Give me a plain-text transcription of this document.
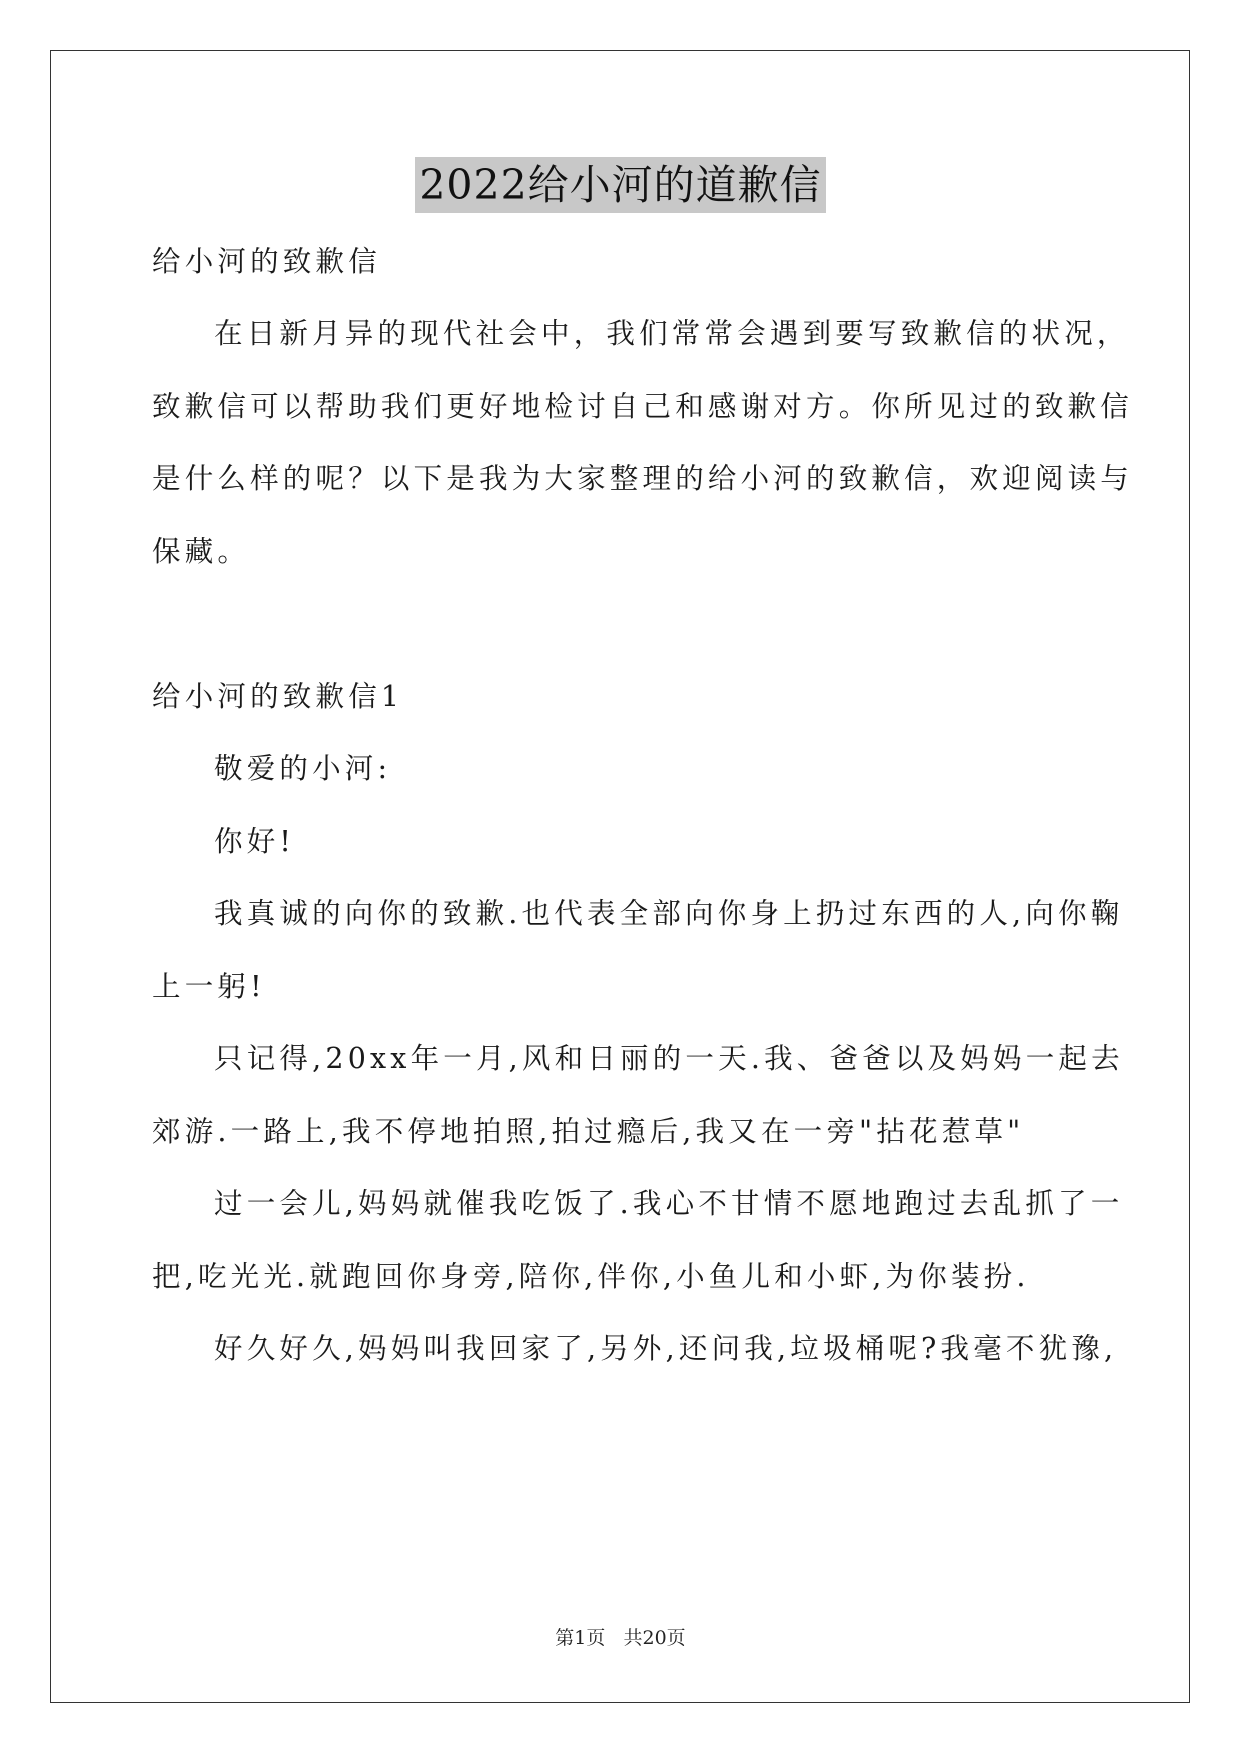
2022给小河的道歉信
给小河的致歉信
在日新月异的现代社会中，我们常常会遇到要写致歉信的状况，
致歉信可以帮助我们更好地检讨自己和感谢对方。你所见过的致歉信
是什么样的呢？以下是我为大家整理的给小河的致歉信，欢迎阅读与
保藏。
给小河的致歉信1
敬爱的小河:
你好!
我真诚的向你的致歉.也代表全部向你身上扔过东西的人,向你鞠
上一躬!
只记得,20xx年一月,风和日丽的一天.我、爸爸以及妈妈一起去
郊游.一路上,我不停地拍照,拍过瘾后,我又在一旁"拈花惹草"
过一会儿,妈妈就催我吃饭了.我心不甘情不愿地跑过去乱抓了一
把,吃光光.就跑回你身旁,陪你,伴你,小鱼儿和小虾,为你装扮.
好久好久,妈妈叫我回家了,另外,还问我,垃圾桶呢?我毫不犹豫,
第1页   共20页
